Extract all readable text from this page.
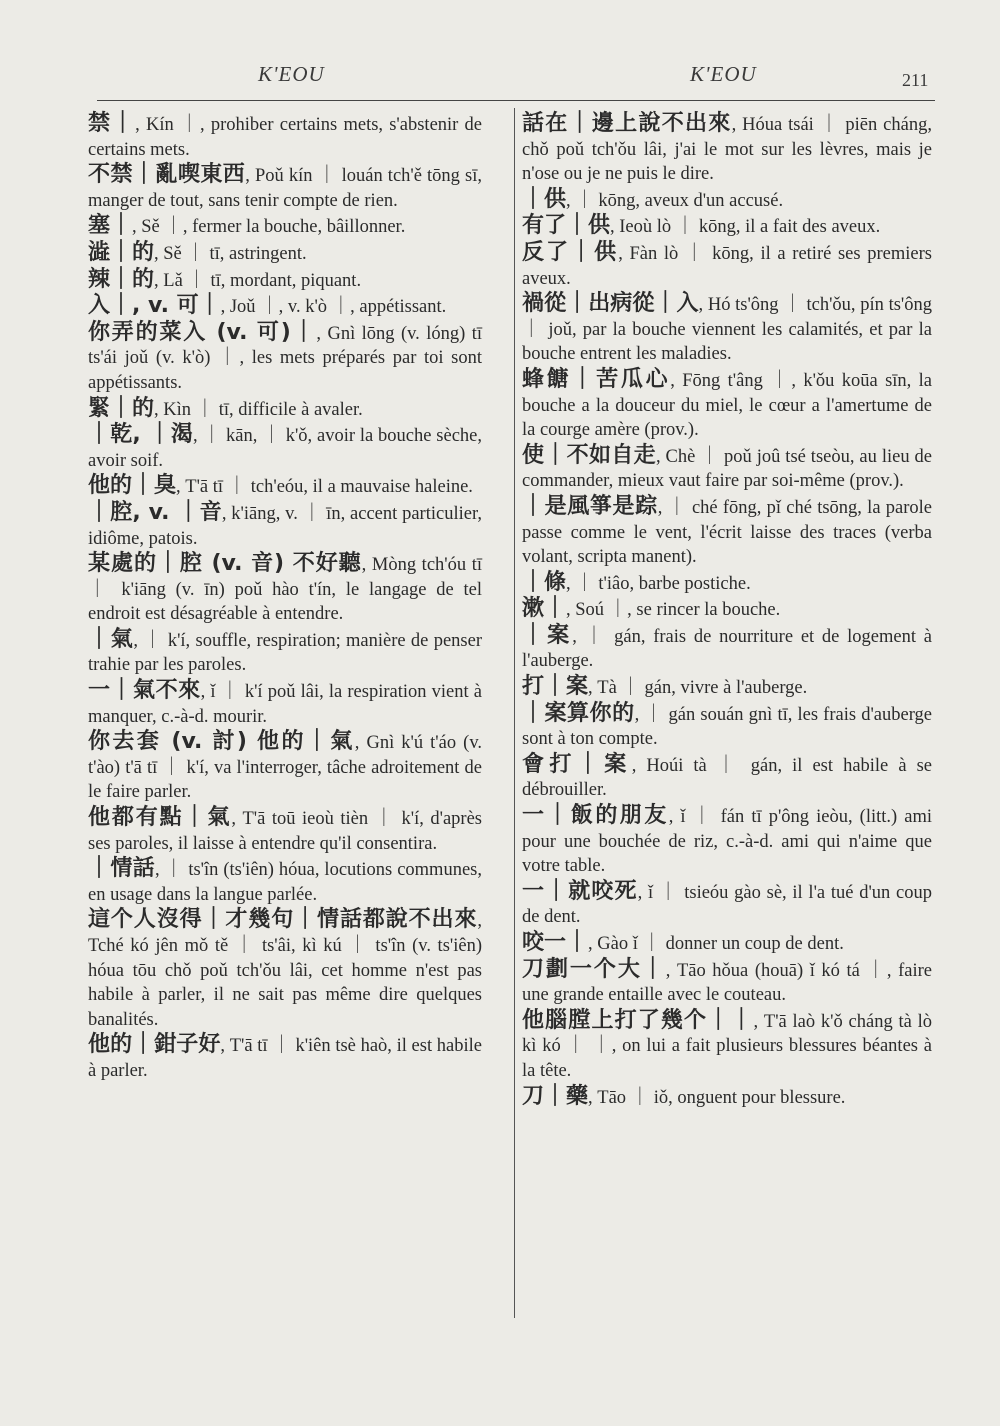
K'EOU	K'EOU	211

禁｜, Kín ｜, prohiber certains mets, s'abstenir de certains mets.

不禁｜亂喫東西, Poǔ kín ｜ louán tch'ě tōng sī, manger de tout, sans tenir compte de rien.

塞｜, Sě ｜, fermer la bouche, bâillonner.

澁｜的, Sě ｜ tī, astringent.

辣｜的, Lǎ ｜ tī, mordant, piquant.

入｜, v. 可｜, Joǔ ｜, v. k'ò ｜, appétissant.

你弄的菜入 (v. 可)｜, Gnì lōng (v. lóng) tī ts'ái joǔ (v. k'ò) ｜, les mets préparés par toi sont appétissants.

緊｜的, Kìn ｜ tī, difficile à avaler.

｜乾, ｜渴, ｜ kān, ｜ k'ǒ, avoir la bouche sèche, avoir soif.

他的｜臭, T'ā tī ｜ tch'eóu, il a mauvaise haleine.

｜腔, v. ｜音, k'iāng, v. ｜ īn, accent particulier, idiôme, patois.

某處的｜腔 (v. 音) 不好聽, Mòng tch'óu tī ｜ k'iāng (v. īn) poǔ hào t'ín, le langage de tel endroit est désagréable à entendre.

｜氣, ｜ k'í, souffle, respiration; manière de penser trahie par les paroles.

一｜氣不來, ǐ ｜ k'í poǔ lâi, la respiration vient à manquer, c.-à-d. mourir.

你去套 (v. 討) 他的｜氣, Gnì k'ú t'áo (v. t'ào) t'ā tī ｜ k'í, va l'interroger, tâche adroitement de le faire parler.

他都有點｜氣, T'ā toū ieoù tièn ｜ k'í, d'après ses paroles, il laisse à entendre qu'il consentira.

｜情話, ｜ ts'în (ts'iên) hóua, locutions communes, en usage dans la langue parlée.

這个人沒得｜才幾句｜情話都說不出來, Tché kó jên mǒ tě ｜ ts'âi, kì kú ｜ ts'în (v. ts'iên) hóua tōu chǒ poǔ tch'ǒu lâi, cet homme n'est pas habile à parler, il ne sait pas même dire quelques banalités.

他的｜鉗子好, T'ā tī ｜ k'iên tsè haò, il est habile à parler.

話在｜邊上說不出來, Hóua tsái ｜ piēn cháng, chǒ poǔ tch'ǒu lâi, j'ai le mot sur les lèvres, mais je n'ose ou je ne puis le dire.

｜供, ｜ kōng, aveux d'un accusé.

有了｜供, Ieoù lò ｜ kōng, il a fait des aveux.

反了｜供, Fàn lò ｜ kōng, il a retiré ses premiers aveux.

禍從｜出病從｜入, Hó ts'ông ｜ tch'ǒu, pín ts'ông ｜ joǔ, par la bouche viennent les calamités, et par la bouche entrent les maladies.

蜂餹｜苦瓜心, Fōng t'âng ｜, k'ǒu koūa sīn, la bouche a la douceur du miel, le cœur a l'amertume de la courge amère (prov.).

使｜不如自走, Chè ｜ poǔ joû tsé tseòu, au lieu de commander, mieux vaut faire par soi-même (prov.).

｜是風箏是踪, ｜ ché fōng, pǐ ché tsōng, la parole passe comme le vent, l'écrit laisse des traces (verba volant, scripta manent).

｜條, ｜ t'iâo, barbe postiche.

漱｜, Soú ｜, se rincer la bouche.

｜案, ｜ gán, frais de nourriture et de logement à l'auberge.

打｜案, Tà ｜ gán, vivre à l'auberge.

｜案算你的, ｜ gán souán gnì tī, les frais d'auberge sont à ton compte.

會打｜案, Hoúi tà ｜ gán, il est habile à se débrouiller.

一｜飯的朋友, ǐ ｜ fán tī p'ông ieòu, (litt.) ami pour une bouchée de riz, c.-à-d. ami qui n'aime que votre table.

一｜就咬死, ǐ ｜ tsieóu gào sè, il l'a tué d'un coup de dent.

咬一｜, Gào ǐ ｜ donner un coup de dent.

刀劃一个大｜, Tāo hǒua (houā) ǐ kó tá ｜, faire une grande entaille avec le couteau.

他腦膛上打了幾个｜｜, T'ā laò k'ǒ cháng tà lò kì kó ｜ ｜, on lui a fait plusieurs blessures béantes à la tête.

刀｜藥, Tāo ｜ iǒ, onguent pour blessure.
